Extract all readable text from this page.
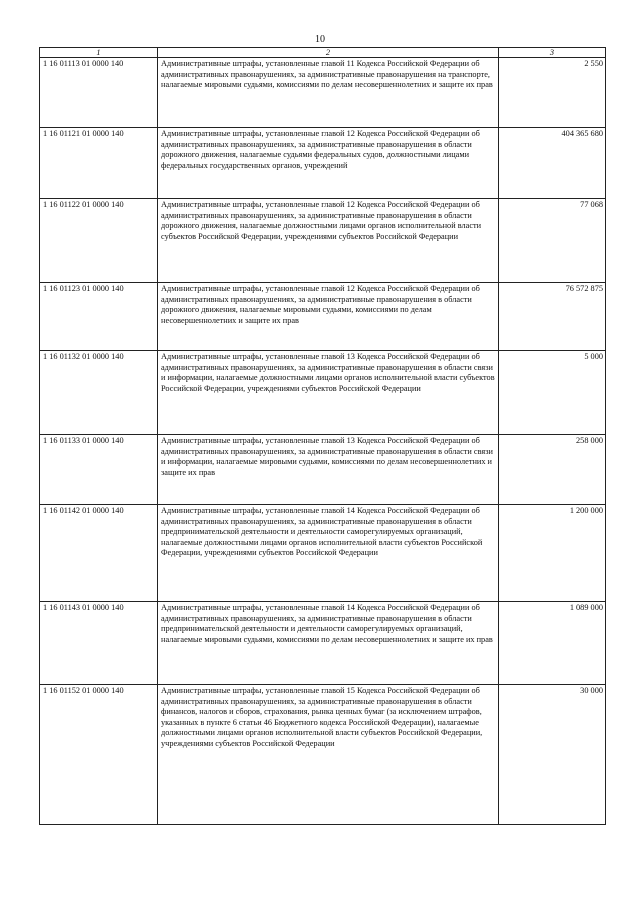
10
1	2	3
1 16 01113 01 0000 140	Административные штрафы, установленные главой 11 Кодекса Российской Федерации об административных правонарушениях, за административные правонарушения на транспорте, налагаемые мировыми судьями, комиссиями по делам несовершеннолетних и защите их прав	2 550
1 16 01121 01 0000 140	Административные штрафы, установленные главой 12 Кодекса Российской Федерации об административных правонарушениях, за административные правонарушения в области дорожного движения, налагаемые судьями федеральных судов, должностными лицами федеральных государственных органов, учреждений	404 365 680
1 16 01122 01 0000 140	Административные штрафы, установленные главой 12 Кодекса Российской Федерации об административных правонарушениях, за административные правонарушения в области дорожного движения, налагаемые должностными лицами органов исполнительной власти субъектов Российской Федерации, учреждениями субъектов Российской Федерации	77 068
1 16 01123 01 0000 140	Административные штрафы, установленные главой 12 Кодекса Российской Федерации об административных правонарушениях, за административные правонарушения в области дорожного движения, налагаемые мировыми судьями, комиссиями по делам несовершеннолетних и защите их прав	76 572 875
1 16 01132 01 0000 140	Административные штрафы, установленные главой 13 Кодекса Российской Федерации об административных правонарушениях, за административные правонарушения в области связи и информации, налагаемые должностными лицами органов исполнительной власти субъектов Российской Федерации, учреждениями субъектов Российской Федерации	5 000
1 16 01133 01 0000 140	Административные штрафы, установленные главой 13 Кодекса Российской Федерации об административных правонарушениях, за административные правонарушения в области связи и информации, налагаемые мировыми судьями, комиссиями по делам несовершеннолетних и защите их прав	258 000
1 16 01142 01 0000 140	Административные штрафы, установленные главой 14 Кодекса Российской Федерации об административных правонарушениях, за административные правонарушения в области предпринимательской деятельности и деятельности саморегулируемых организаций, налагаемые должностными лицами органов исполнительной власти субъектов Российской Федерации, учреждениями субъектов Российской Федерации	1 200 000
1 16 01143 01 0000 140	Административные штрафы, установленные главой 14 Кодекса Российской Федерации об административных правонарушениях, за административные правонарушения в области предпринимательской деятельности и деятельности саморегулируемых организаций, налагаемые мировыми судьями, комиссиями по делам несовершеннолетних и защите их прав	1 089 000
1 16 01152 01 0000 140	Административные штрафы, установленные главой 15 Кодекса Российской Федерации об административных правонарушениях, за административные правонарушения в области финансов, налогов и сборов, страхования, рынка ценных бумаг (за исключением штрафов, указанных в пункте 6 статьи 46 Бюджетного кодекса Российской Федерации), налагаемые должностными лицами органов исполнительной власти субъектов Российской Федерации, учреждениями субъектов Российской Федерации	30 000
